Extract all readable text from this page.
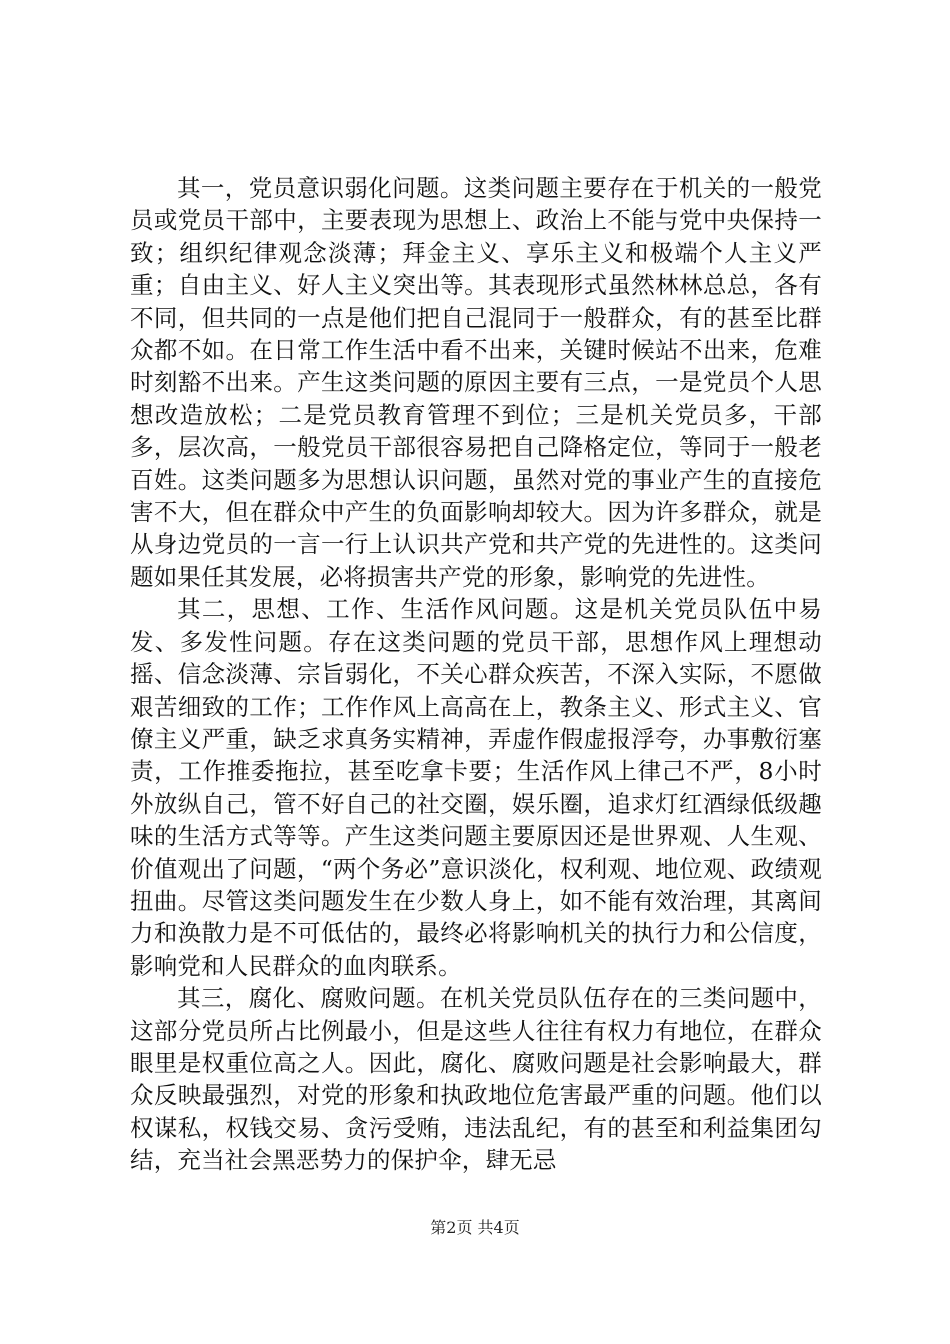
其一，党员意识弱化问题。这类问题主要存在于机关的一般党员或党员干部中，主要表现为思想上、政治上不能与党中央保持一致；组织纪律观念淡薄；拜金主义、享乐主义和极端个人主义严重；自由主义、好人主义突出等。其表现形式虽然林林总总，各有不同，但共同的一点是他们把自己混同于一般群众，有的甚至比群众都不如。在日常工作生活中看不出来，关键时候站不出来，危难时刻豁不出来。产生这类问题的原因主要有三点，一是党员个人思想改造放松；二是党员教育管理不到位；三是机关党员多，干部多，层次高，一般党员干部很容易把自己降格定位，等同于一般老百姓。这类问题多为思想认识问题，虽然对党的事业产生的直接危害不大，但在群众中产生的负面影响却较大。因为许多群众，就是从身边党员的一言一行上认识共产党和共产党的先进性的。这类问题如果任其发展，必将损害共产党的形象，影响党的先进性。

其二，思想、工作、生活作风问题。这是机关党员队伍中易发、多发性问题。存在这类问题的党员干部，思想作风上理想动摇、信念淡薄、宗旨弱化，不关心群众疾苦，不深入实际，不愿做艰苦细致的工作；工作作风上高高在上，教条主义、形式主义、官僚主义严重，缺乏求真务实精神，弄虚作假虚报浮夸，办事敷衍塞责，工作推委拖拉，甚至吃拿卡要；生活作风上律己不严，8小时外放纵自己，管不好自己的社交圈，娱乐圈，追求灯红酒绿低级趣味的生活方式等等。产生这类问题主要原因还是世界观、人生观、价值观出了问题，“两个务必”意识淡化，权利观、地位观、政绩观扭曲。尽管这类问题发生在少数人身上，如不能有效治理，其离间力和涣散力是不可低估的，最终必将影响机关的执行力和公信度，影响党和人民群众的血肉联系。

其三，腐化、腐败问题。在机关党员队伍存在的三类问题中，这部分党员所占比例最小，但是这些人往往有权力有地位，在群众眼里是权重位高之人。因此，腐化、腐败问题是社会影响最大，群众反映最强烈，对党的形象和执政地位危害最严重的问题。他们以权谋私，权钱交易、贪污受贿，违法乱纪，有的甚至和利益集团勾结，充当社会黑恶势力的保护伞，肆无忌

第2页 共4页
